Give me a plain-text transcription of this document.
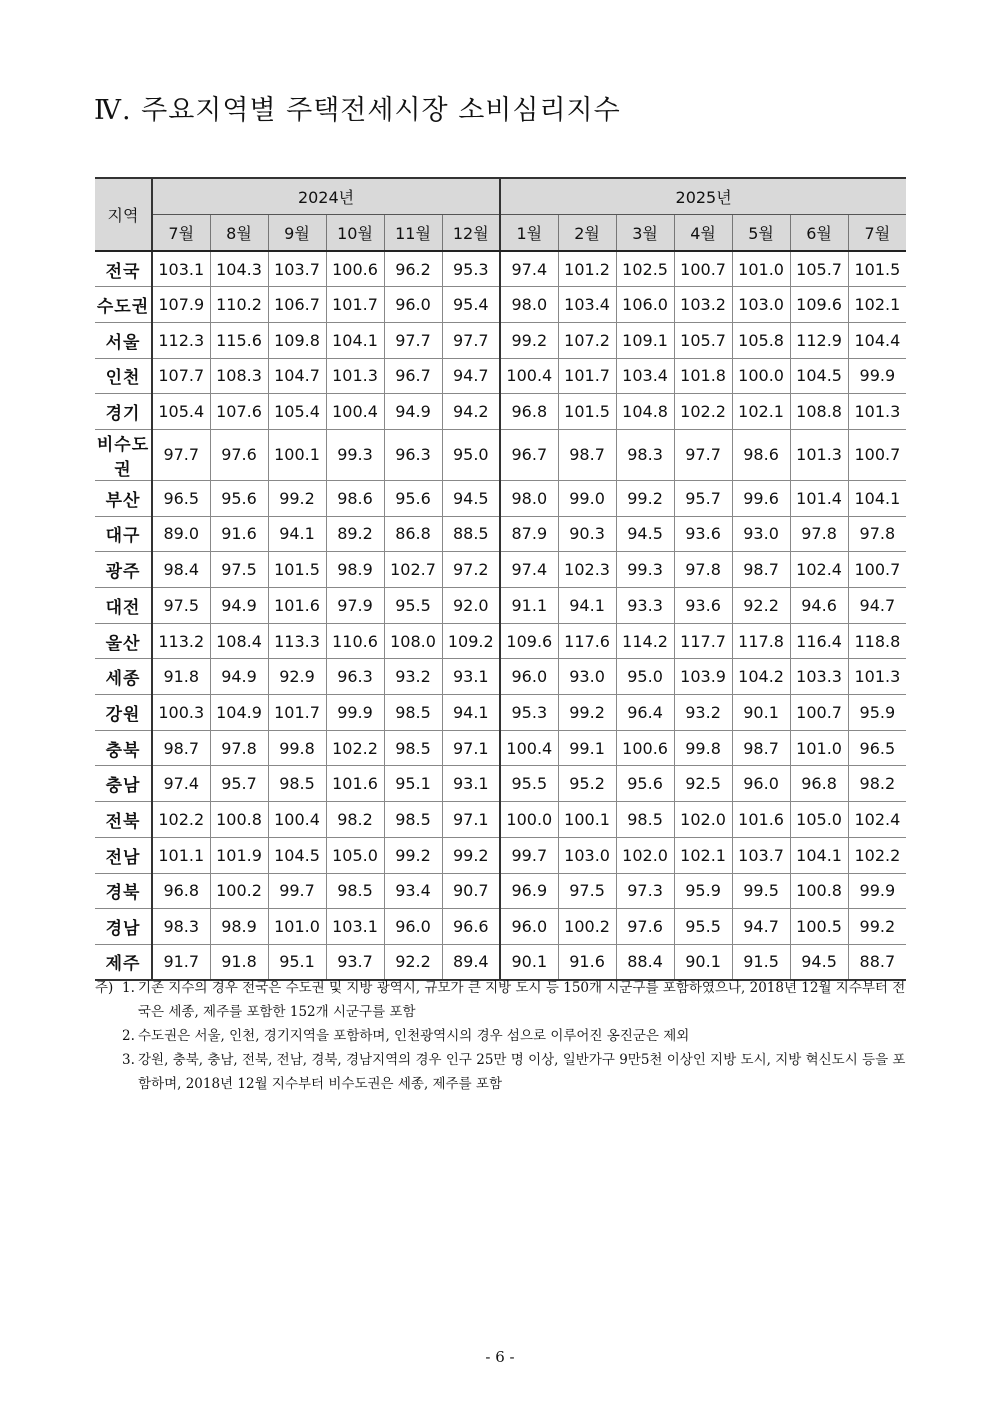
Ⅳ. 주요지역별 주택전세시장 소비심리지수
지역	2024년						2025년						
	7월	8월	9월	10월	11월	12월	1월	2월	3월	4월	5월	6월	7월
전국	103.1	104.3	103.7	100.6	96.2	95.3	97.4	101.2	102.5	100.7	101.0	105.7	101.5
수도권	107.9	110.2	106.7	101.7	96.0	95.4	98.0	103.4	106.0	103.2	103.0	109.6	102.1
서울	112.3	115.6	109.8	104.1	97.7	97.7	99.2	107.2	109.1	105.7	105.8	112.9	104.4
인천	107.7	108.3	104.7	101.3	96.7	94.7	100.4	101.7	103.4	101.8	100.0	104.5	99.9
경기	105.4	107.6	105.4	100.4	94.9	94.2	96.8	101.5	104.8	102.2	102.1	108.8	101.3
비수도권	97.7	97.6	100.1	99.3	96.3	95.0	96.7	98.7	98.3	97.7	98.6	101.3	100.7
부산	96.5	95.6	99.2	98.6	95.6	94.5	98.0	99.0	99.2	95.7	99.6	101.4	104.1
대구	89.0	91.6	94.1	89.2	86.8	88.5	87.9	90.3	94.5	93.6	93.0	97.8	97.8
광주	98.4	97.5	101.5	98.9	102.7	97.2	97.4	102.3	99.3	97.8	98.7	102.4	100.7
대전	97.5	94.9	101.6	97.9	95.5	92.0	91.1	94.1	93.3	93.6	92.2	94.6	94.7
울산	113.2	108.4	113.3	110.6	108.0	109.2	109.6	117.6	114.2	117.7	117.8	116.4	118.8
세종	91.8	94.9	92.9	96.3	93.2	93.1	96.0	93.0	95.0	103.9	104.2	103.3	101.3
강원	100.3	104.9	101.7	99.9	98.5	94.1	95.3	99.2	96.4	93.2	90.1	100.7	95.9
충북	98.7	97.8	99.8	102.2	98.5	97.1	100.4	99.1	100.6	99.8	98.7	101.0	96.5
충남	97.4	95.7	98.5	101.6	95.1	93.1	95.5	95.2	95.6	92.5	96.0	96.8	98.2
전북	102.2	100.8	100.4	98.2	98.5	97.1	100.0	100.1	98.5	102.0	101.6	105.0	102.4
전남	101.1	101.9	104.5	105.0	99.2	99.2	99.7	103.0	102.0	102.1	103.7	104.1	102.2
경북	96.8	100.2	99.7	98.5	93.4	90.7	96.9	97.5	97.3	95.9	99.5	100.8	99.9
경남	98.3	98.9	101.0	103.1	96.0	96.6	96.0	100.2	97.6	95.5	94.7	100.5	99.2
제주	91.7	91.8	95.1	93.7	92.2	89.4	90.1	91.6	88.4	90.1	91.5	94.5	88.7
주) 1. 기존 지수의 경우 전국은 수도권 및 지방 광역시, 규모가 큰 지방 도시 등 150개 시군구를 포함하였으나, 2018년 12월 지수부터 전국은 세종, 제주를 포함한 152개 시군구를 포함
2. 수도권은 서울, 인천, 경기지역을 포함하며, 인천광역시의 경우 섬으로 이루어진 옹진군은 제외
3. 강원, 충북, 충남, 전북, 전남, 경북, 경남지역의 경우 인구 25만 명 이상, 일반가구 9만5천 이상인 지방 도시, 지방 혁신도시 등을 포함하며, 2018년 12월 지수부터 비수도권은 세종, 제주를 포함
- 6 -
